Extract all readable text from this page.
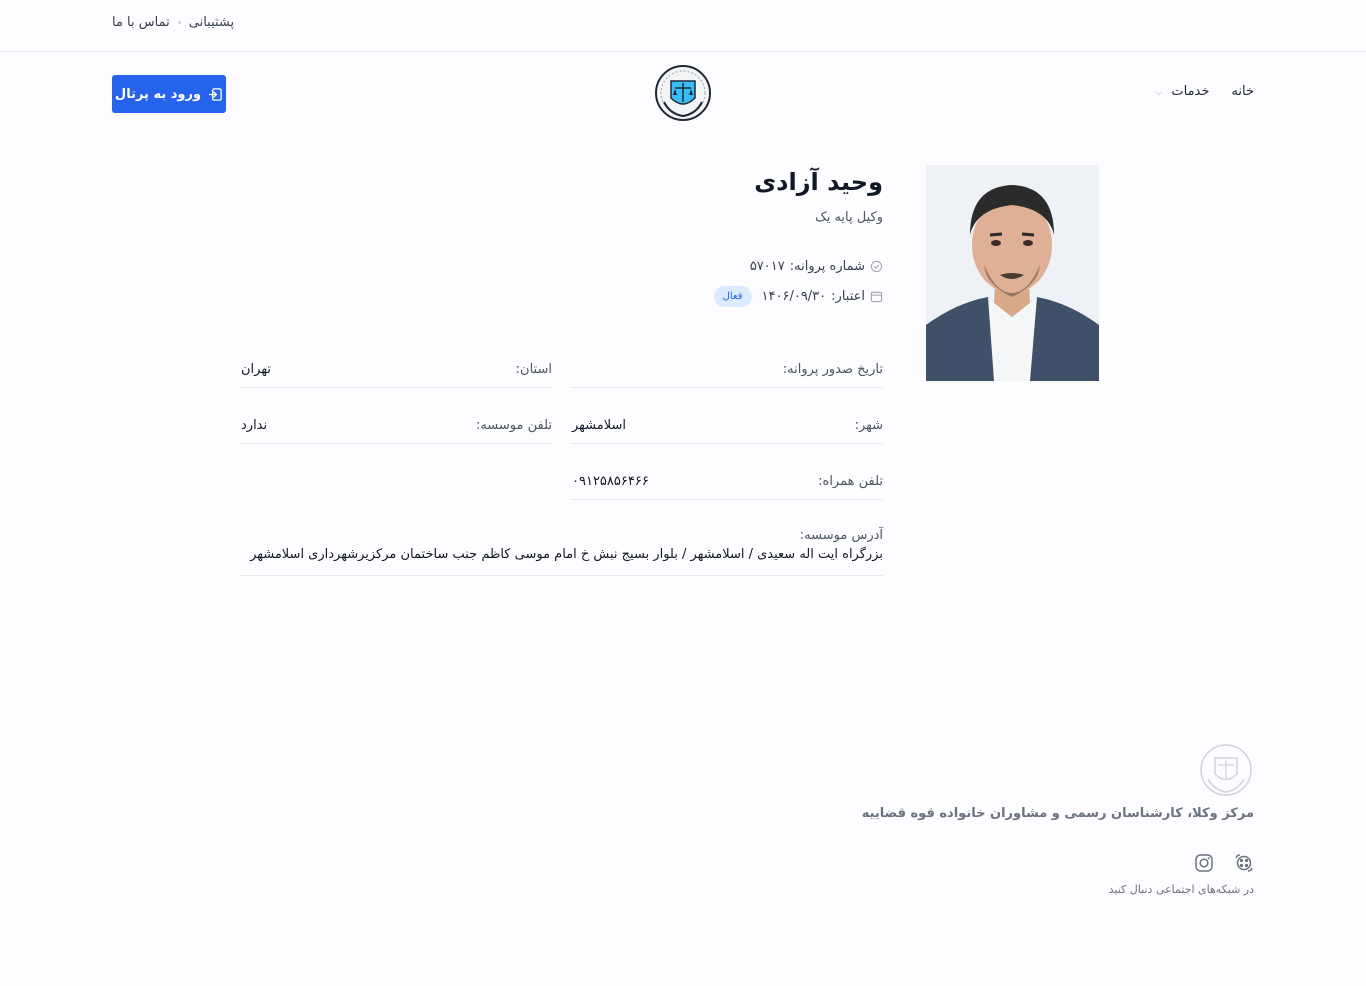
پشتیبانی
تماس با ما
خانه
خدمات ⌵
ورود به پرتال
وحید آزادی
وکیل پایه یک
شماره پروانه:
۵۷۰۱۷
اعتبار:
۱۴۰۶/۰۹/۳۰
فعال
تاریخ صدور پروانه:
استان:
تهران
شهر:
اسلامشهر
تلفن موسسه:
ندارد
تلفن همراه:
۰۹۱۲۵۸۵۶۴۶۶
آدرس موسسه:
بزرگراه ایت اله سعیدی / اسلامشهر / بلوار بسیج نبش خ امام موسی کاظم جنب ساختمان مرکزیرشهرداری اسلامشهر
مرکز وکلا، کارشناسان رسمی و مشاوران خانواده قوه قضاییه
در شبکه‌های اجتماعی دنبال کنید
